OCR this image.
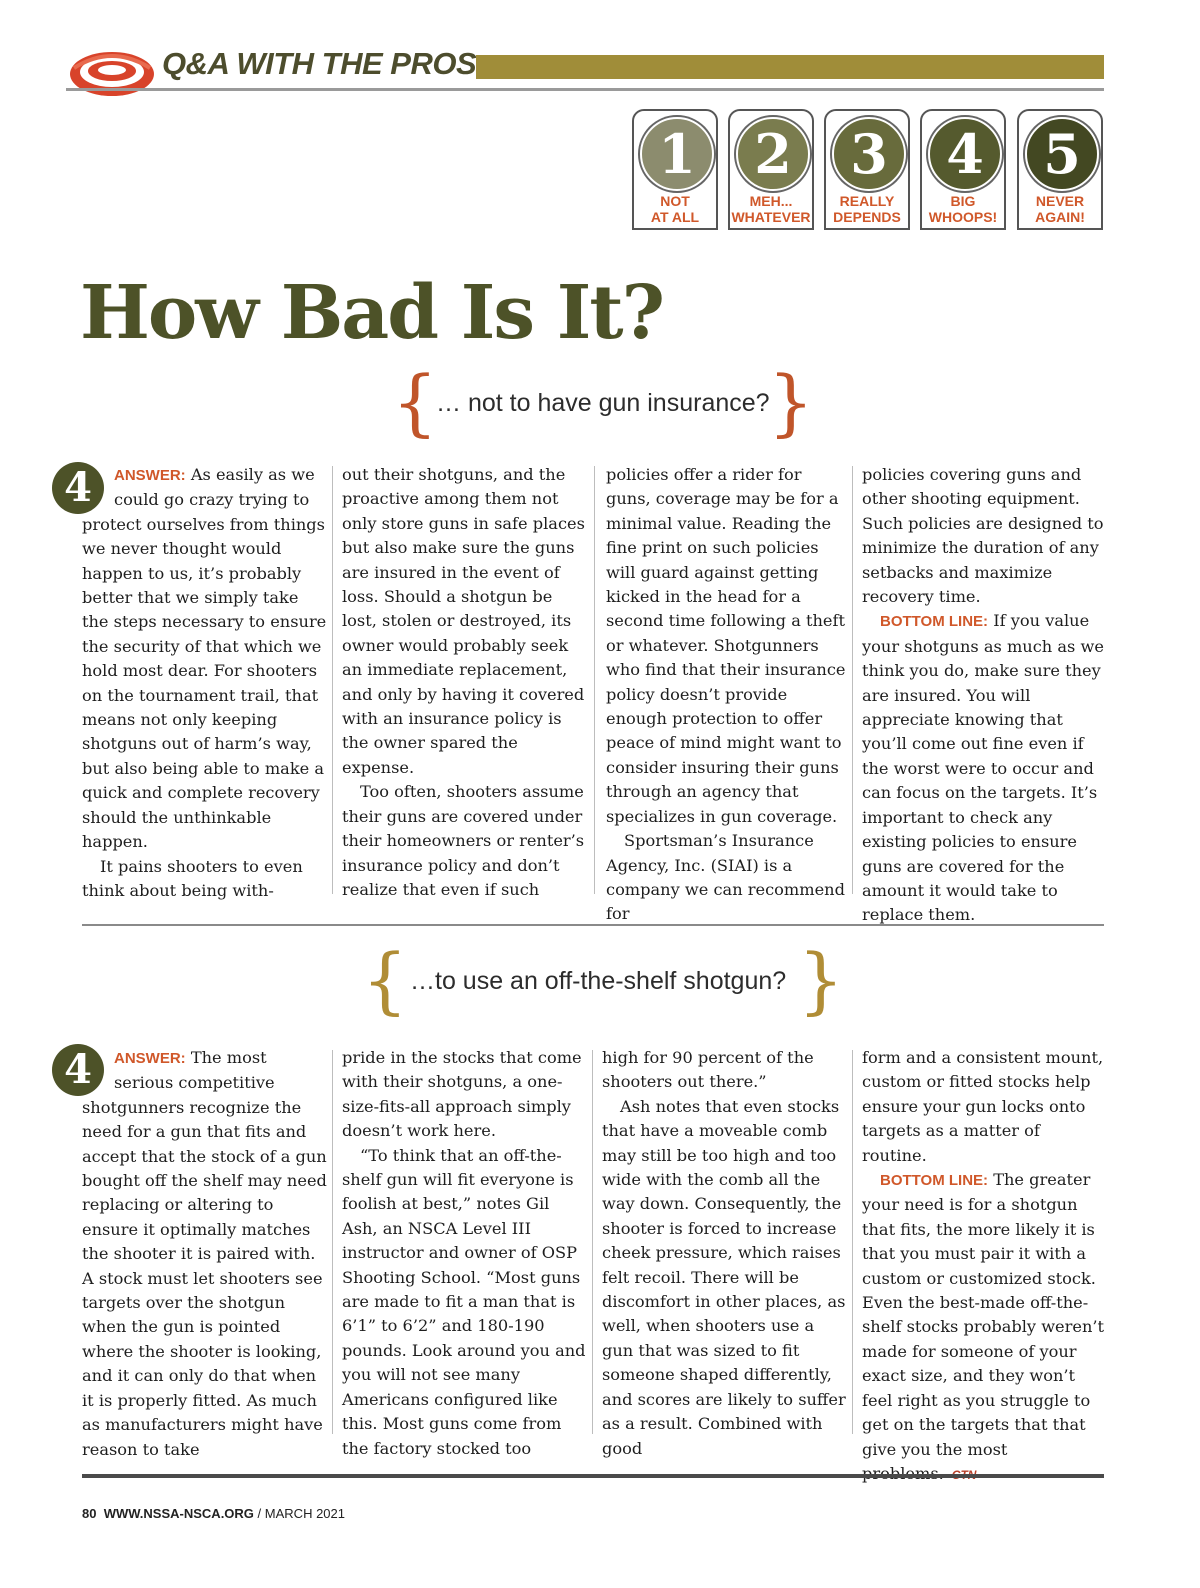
Q&A WITH THE PROS
1
NOT
AT ALL
2
MEH...
WHATEVER
3
REALLY
DEPENDS
4
BIG
WHOOPS!
5
NEVER
AGAIN!
How Bad Is It?
{
… not to have gun insurance?
}
4	ANSWER: As easily as we could go crazy trying to protect ourselves from things we never thought would happen to us, it’s probably better that we simply take the steps necessary to ensure the security of that which we hold most dear. For shooters on the tournament trail, that means not only keeping shotguns out of harm’s way, but also being able to make a quick and complete recovery should the unthinkable happen.

It pains shooters to even think about being with-

out their shotguns, and the proactive among them not only store guns in safe places but also make sure the guns are insured in the event of loss. Should a shotgun be lost, stolen or destroyed, its owner would probably seek an immediate replacement, and only by having it covered with an insurance policy is the owner spared the expense.

Too often, shooters assume their guns are covered under their homeowners or renter’s insurance policy and don’t realize that even if such

policies offer a rider for guns, coverage may be for a minimal value. Reading the fine print on such policies will guard against getting kicked in the head for a second time following a theft or whatever. Shotgunners who find that their insurance policy doesn’t provide enough protection to offer peace of mind might want to consider insuring their guns through an agency that specializes in gun coverage.

Sportsman’s Insurance Agency, Inc. (SIAI) is a company we can recommend for

policies covering guns and other shooting equipment. Such policies are designed to minimize the duration of any setbacks and maximize recovery time.

BOTTOM LINE: If you value your shotguns as much as we think you do, make sure they are insured. You will appreciate knowing that you’ll come out fine even if the worst were to occur and can focus on the targets. It’s important to check any existing policies to ensure guns are covered for the amount it would take to replace them.

{ …to use an off-the-shelf shotgun? }
4	ANSWER: The most serious competitive shotgunners recognize the need for a gun that fits and accept that the stock of a gun bought off the shelf may need replacing or altering to ensure it optimally matches the shooter it is paired with. A stock must let shooters see targets over the shotgun when the gun is pointed where the shooter is looking, and it can only do that when it is properly fitted. As much as manufacturers might have reason to take

pride in the stocks that come with their shotguns, a one-size-fits-all approach simply doesn’t work here.

“To think that an off-the-shelf gun will fit everyone is foolish at best,” notes Gil Ash, an NSCA Level III instructor and owner of OSP Shooting School. “Most guns are made to fit a man that is 6’1” to 6’2” and 180-190 pounds. Look around you and you will not see many Americans configured like this. Most guns come from the factory stocked too

high for 90 percent of the shooters out there.”

Ash notes that even stocks that have a moveable comb may still be too high and too wide with the comb all the way down. Consequently, the shooter is forced to increase cheek pressure, which raises felt recoil. There will be discomfort in other places, as well, when shooters use a gun that was sized to fit someone shaped differently, and scores are likely to suffer as a result. Combined with good

form and a consistent mount, custom or fitted stocks help ensure your gun locks onto targets as a matter of routine.

BOTTOM LINE: The greater your need is for a shotgun that fits, the more likely it is that you must pair it with a custom or customized stock. Even the best-made off-the-shelf stocks probably weren’t made for someone of your exact size, and they won’t feel right as you struggle to get on the targets that that give you the most

80 WWW.NSSA-NSCA.ORG / MARCH 2021
